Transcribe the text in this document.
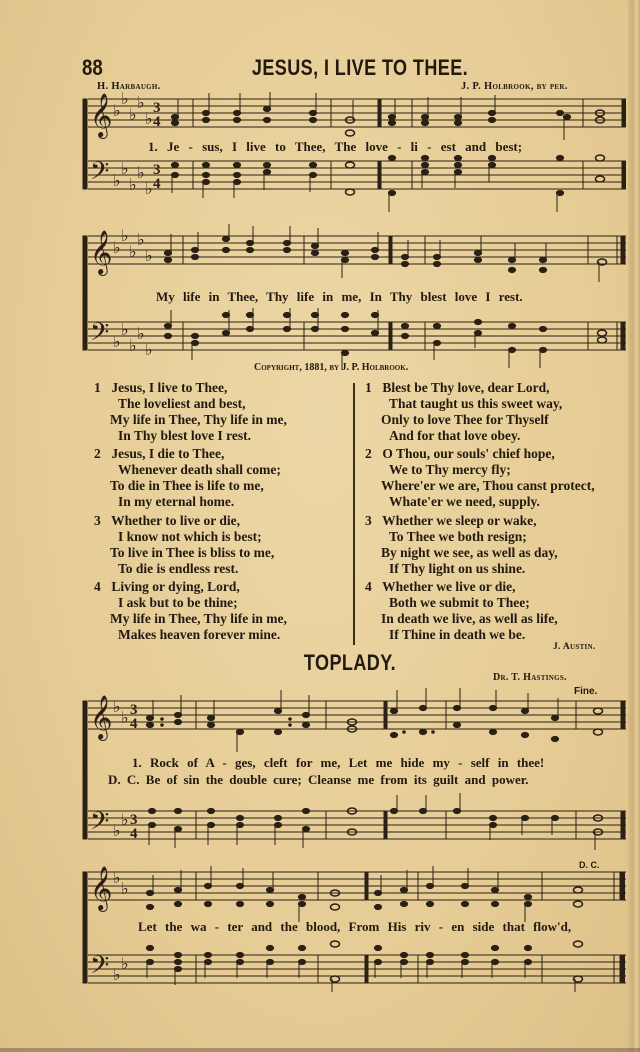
88	JESUS, I LIVE TO THEE.
H. Harbaugh.	J. P. Holbrook, by per.
𝄞
𝄢
𝄞
𝄢
𝄞
𝄢
𝄞
𝄢
♭
♭
♭
♭
♭
♭
♭
♭
♭
♭
♭
♭
♭
♭
♭
♭
♭
♭
♭
♭
♭
♭
♭
♭
♭
♭
♭
♭
3
4
3
4
3
4
3
4
1. Je - sus, I live to Thee, The love - li - est and best;
My life in Thee, Thy life in me, In Thy blest love I rest.
Copyright, 1881, by J. P. Holbrook.
1 Jesus, I live to Thee,
The loveliest and best,
My life in Thee, Thy life in me,
In Thy blest love I rest.
2 Jesus, I die to Thee,
Whenever death shall come;
To die in Thee is life to me,
In my eternal home.
3 Whether to live or die,
I know not which is best;
To live in Thee is bliss to me,
To die is endless rest.
4 Living or dying, Lord,
I ask but to be thine;
My life in Thee, Thy life in me,
Makes heaven forever mine.
1 Blest be Thy love, dear Lord,
That taught us this sweet way,
Only to love Thee for Thyself
And for that love obey.
2 O Thou, our souls' chief hope,
We to Thy mercy fly;
Where'er we are, Thou canst protect,
Whate'er we need, supply.
3 Whether we sleep or wake,
To Thee we both resign;
By night we see, as well as day,
If Thy light on us shine.
4 Whether we live or die,
Both we submit to Thee;
In death we live, as well as life,
If Thine in death we be.
J. Austin.
TOPLADY.
Dr. T. Hastings.
Fine.
1. Rock of A - ges, cleft for me, Let me hide my - self in thee!
D. C. Be of sin the double cure; Cleanse me from its guilt and power.
D. C.
Let the wa - ter and the blood, From His riv - en side that flow'd,
